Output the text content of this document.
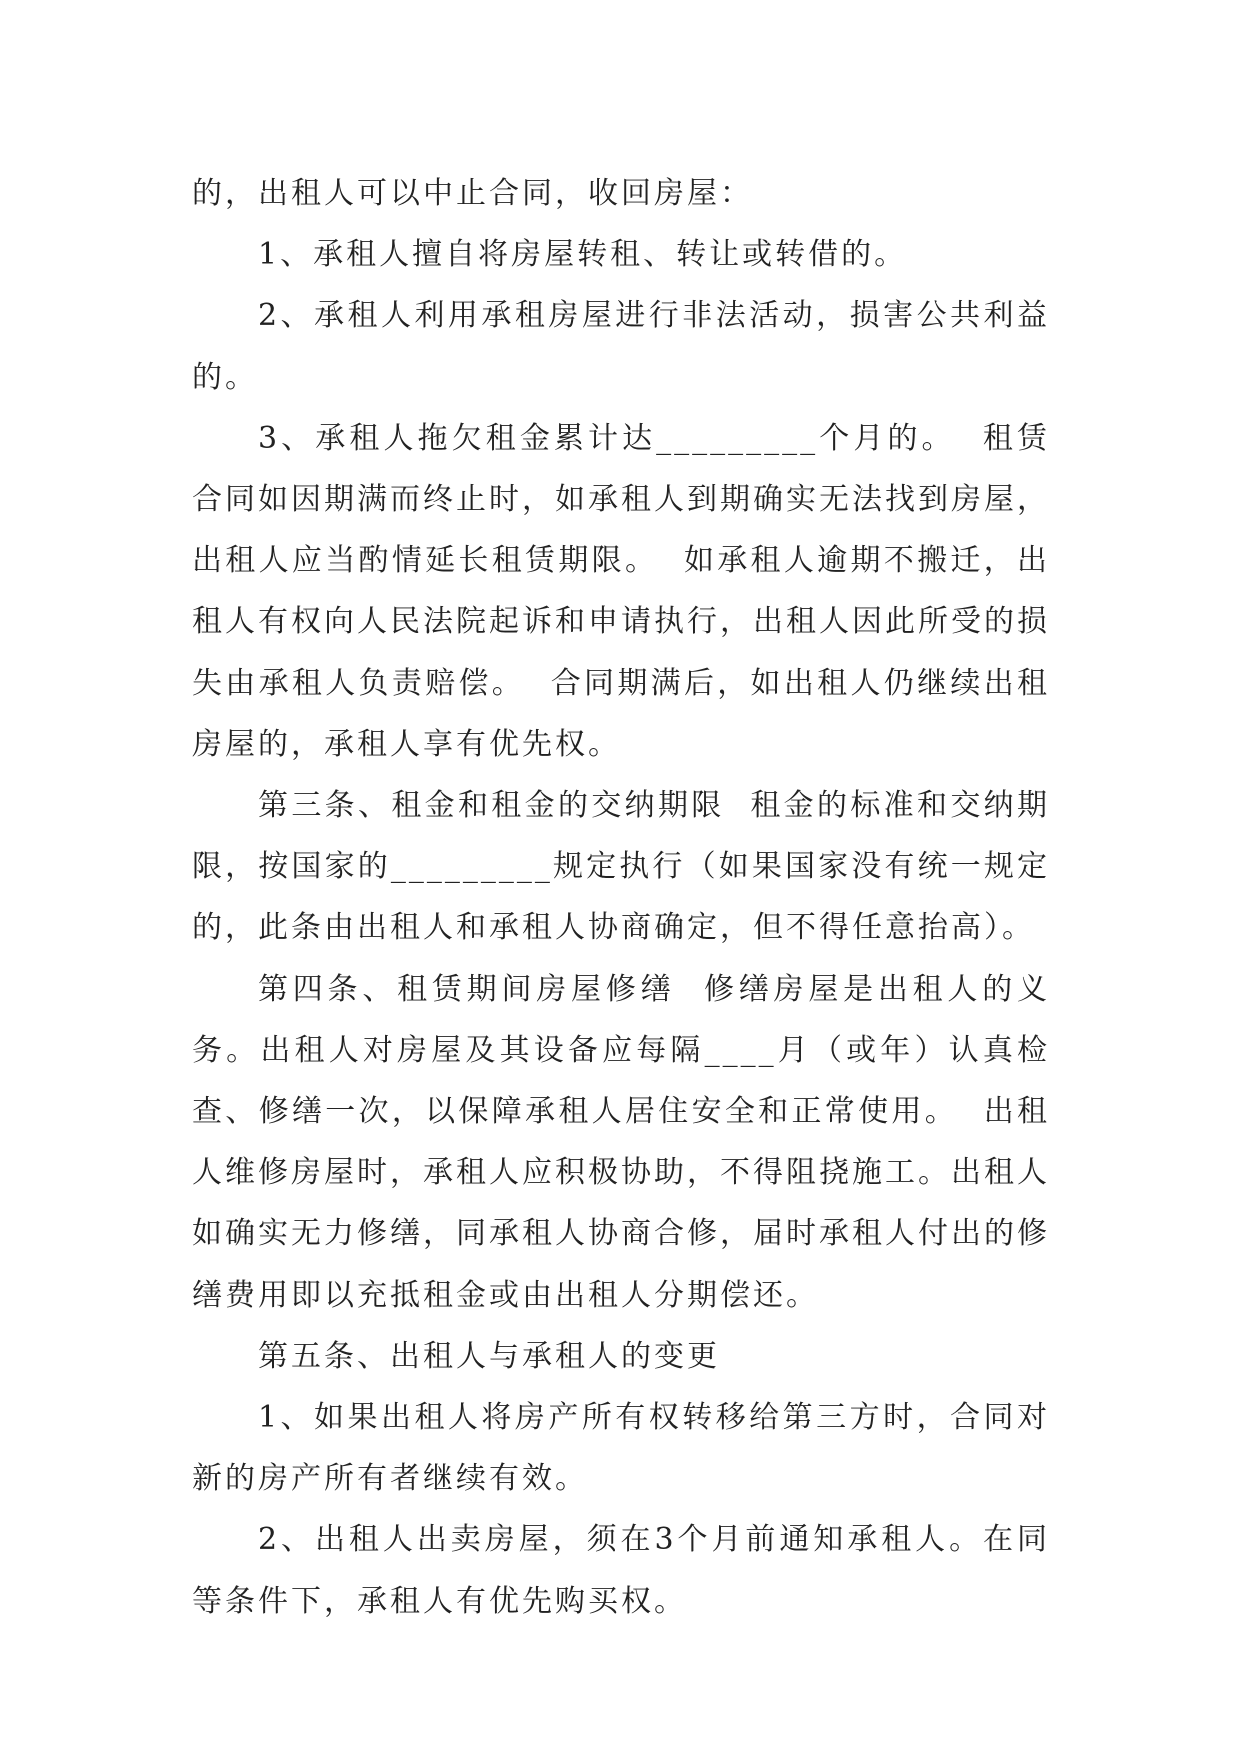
的，出租人可以中止合同，收回房屋：

1、承租人擅自将房屋转租、转让或转借的。

2、承租人利用承租房屋进行非法活动，损害公共利益的。

3、承租人拖欠租金累计达_________个月的。  租赁合同如因期满而终止时，如承租人到期确实无法找到房屋，出租人应当酌情延长租赁期限。  如承租人逾期不搬迁，出租人有权向人民法院起诉和申请执行，出租人因此所受的损失由承租人负责赔偿。  合同期满后，如出租人仍继续出租房屋的，承租人享有优先权。

第三条、租金和租金的交纳期限  租金的标准和交纳期限，按国家的_________规定执行（如果国家没有统一规定的，此条由出租人和承租人协商确定，但不得任意抬高）。

第四条、租赁期间房屋修缮  修缮房屋是出租人的义务。出租人对房屋及其设备应每隔____月（或年）认真检查、修缮一次，以保障承租人居住安全和正常使用。  出租人维修房屋时，承租人应积极协助，不得阻挠施工。出租人如确实无力修缮，同承租人协商合修，届时承租人付出的修缮费用即以充抵租金或由出租人分期偿还。

第五条、出租人与承租人的变更

1、如果出租人将房产所有权转移给第三方时，合同对新的房产所有者继续有效。

2、出租人出卖房屋，须在3个月前通知承租人。在同等条件下，承租人有优先购买权。
